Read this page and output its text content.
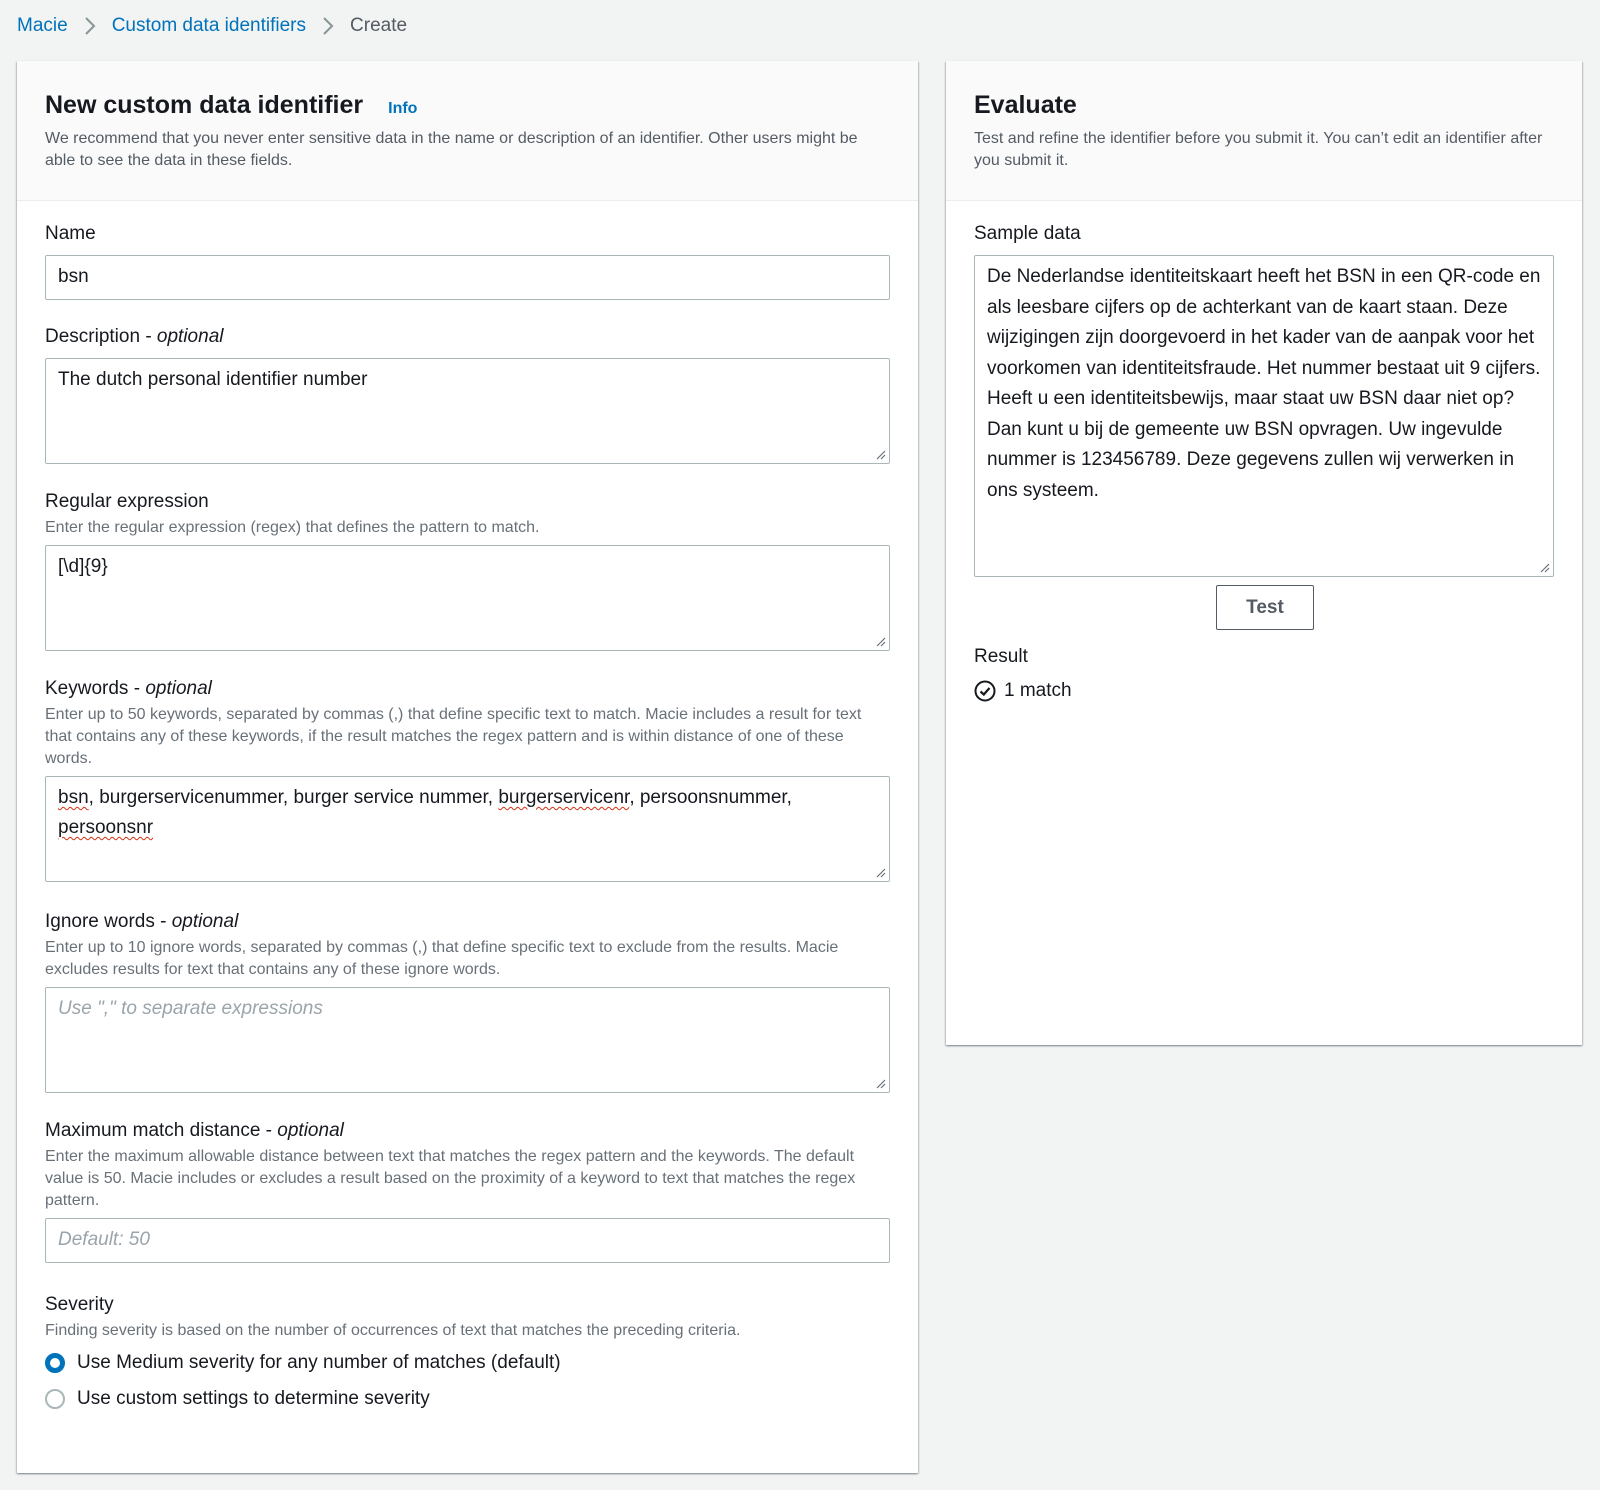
Macie Custom data identifiers Create
New custom data identifier Info

We recommend that you never enter sensitive data in the name or description of an identifier. Other users might be able to see the data in these fields.

Name
bsn
Description - optional
The dutch personal identifier number
Regular expression
Enter the regular expression (regex) that defines the pattern to match.
[\d]{9}
Keywords - optional
Enter up to 50 keywords, separated by commas (,) that define specific text to match. Macie includes a result for text that contains any of these keywords, if the result matches the regex pattern and is within distance of one of these words.
bsn, burgerservicenummer, burger service nummer, burgerservicenr, persoonsnummer,
persoonsnr
Ignore words - optional
Enter up to 10 ignore words, separated by commas (,) that define specific text to exclude from the results. Macie excludes results for text that contains any of these ignore words.
Use "," to separate expressions
Maximum match distance - optional
Enter the maximum allowable distance between text that matches the regex pattern and the keywords. The default value is 50. Macie includes or excludes a result based on the proximity of a keyword to text that matches the regex pattern.
Default: 50
Severity
Finding severity is based on the number of occurrences of text that matches the preceding criteria.
Use Medium severity for any number of matches (default)
Use custom settings to determine severity
Evaluate

Test and refine the identifier before you submit it. You can’t edit an identifier after you submit it.

Sample data
De Nederlandse identiteitskaart heeft het BSN in een QR-code en als leesbare cijfers op de achterkant van de kaart staan. Deze wijzigingen zijn doorgevoerd in het kader van de aanpak voor het voorkomen van identiteitsfraude. Het nummer bestaat uit 9 cijfers. Heeft u een identiteitsbewijs, maar staat uw BSN daar niet op? Dan kunt u bij de gemeente uw BSN opvragen. Uw ingevulde nummer is 123456789. Deze gegevens zullen wij verwerken in ons systeem.
Test
Result
1 match
